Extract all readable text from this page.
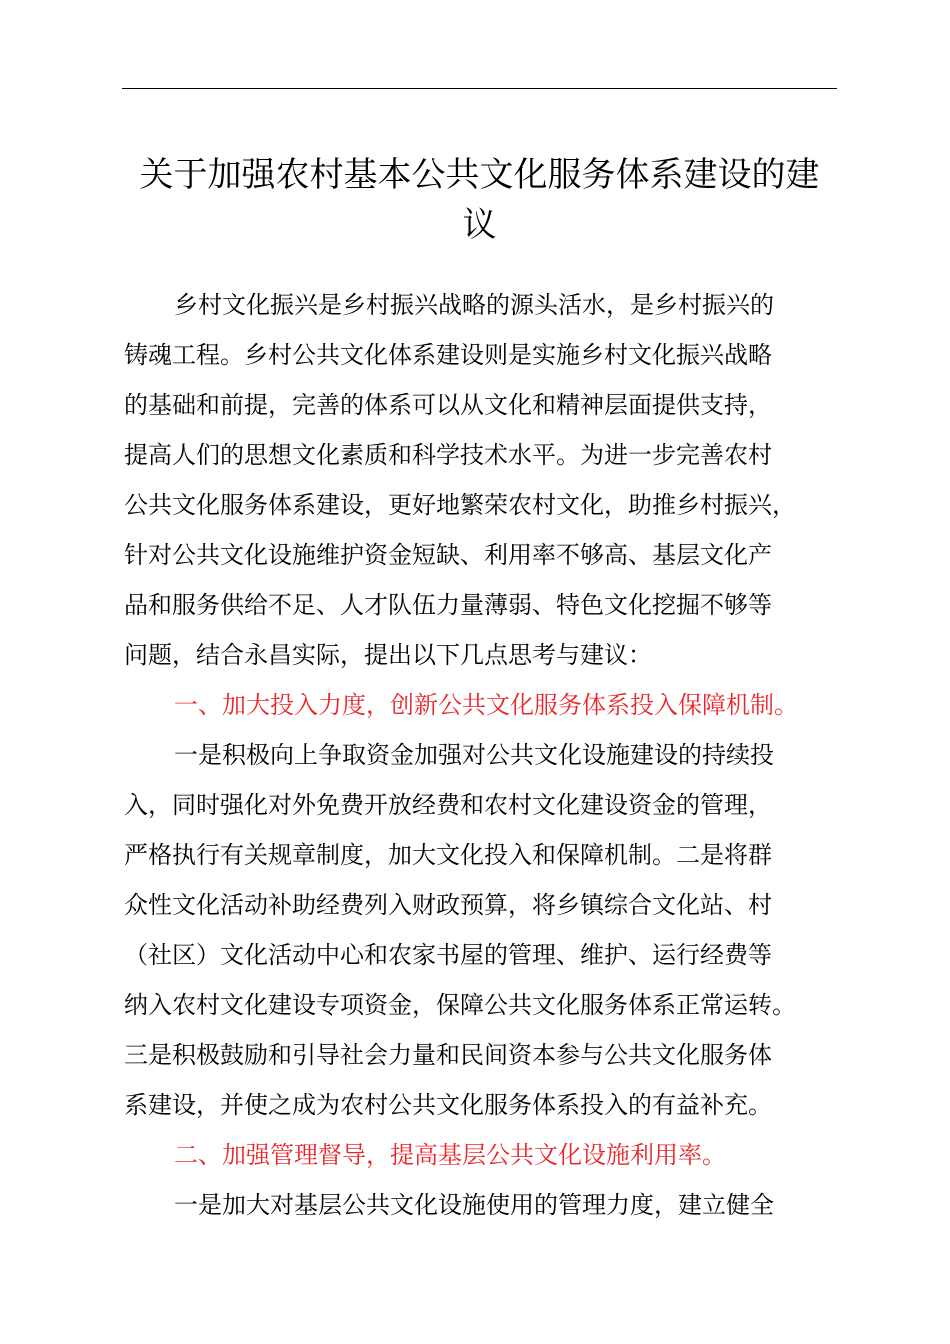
关于加强农村基本公共文化服务体系建设的建
议
乡村文化振兴是乡村振兴战略的源头活水，是乡村振兴的
铸魂工程。乡村公共文化体系建设则是实施乡村文化振兴战略
的基础和前提，完善的体系可以从文化和精神层面提供支持，
提高人们的思想文化素质和科学技术水平。为进一步完善农村
公共文化服务体系建设，更好地繁荣农村文化，助推乡村振兴，
针对公共文化设施维护资金短缺、利用率不够高、基层文化产
品和服务供给不足、人才队伍力量薄弱、特色文化挖掘不够等
问题，结合永昌实际，提出以下几点思考与建议：
一、加大投入力度，创新公共文化服务体系投入保障机制。
一是积极向上争取资金加强对公共文化设施建设的持续投
入，同时强化对外免费开放经费和农村文化建设资金的管理，
严格执行有关规章制度，加大文化投入和保障机制。二是将群
众性文化活动补助经费列入财政预算，将乡镇综合文化站、村
（社区）文化活动中心和农家书屋的管理、维护、运行经费等
纳入农村文化建设专项资金，保障公共文化服务体系正常运转。
三是积极鼓励和引导社会力量和民间资本参与公共文化服务体
系建设，并使之成为农村公共文化服务体系投入的有益补充。
二、加强管理督导，提高基层公共文化设施利用率。
一是加大对基层公共文化设施使用的管理力度，建立健全
